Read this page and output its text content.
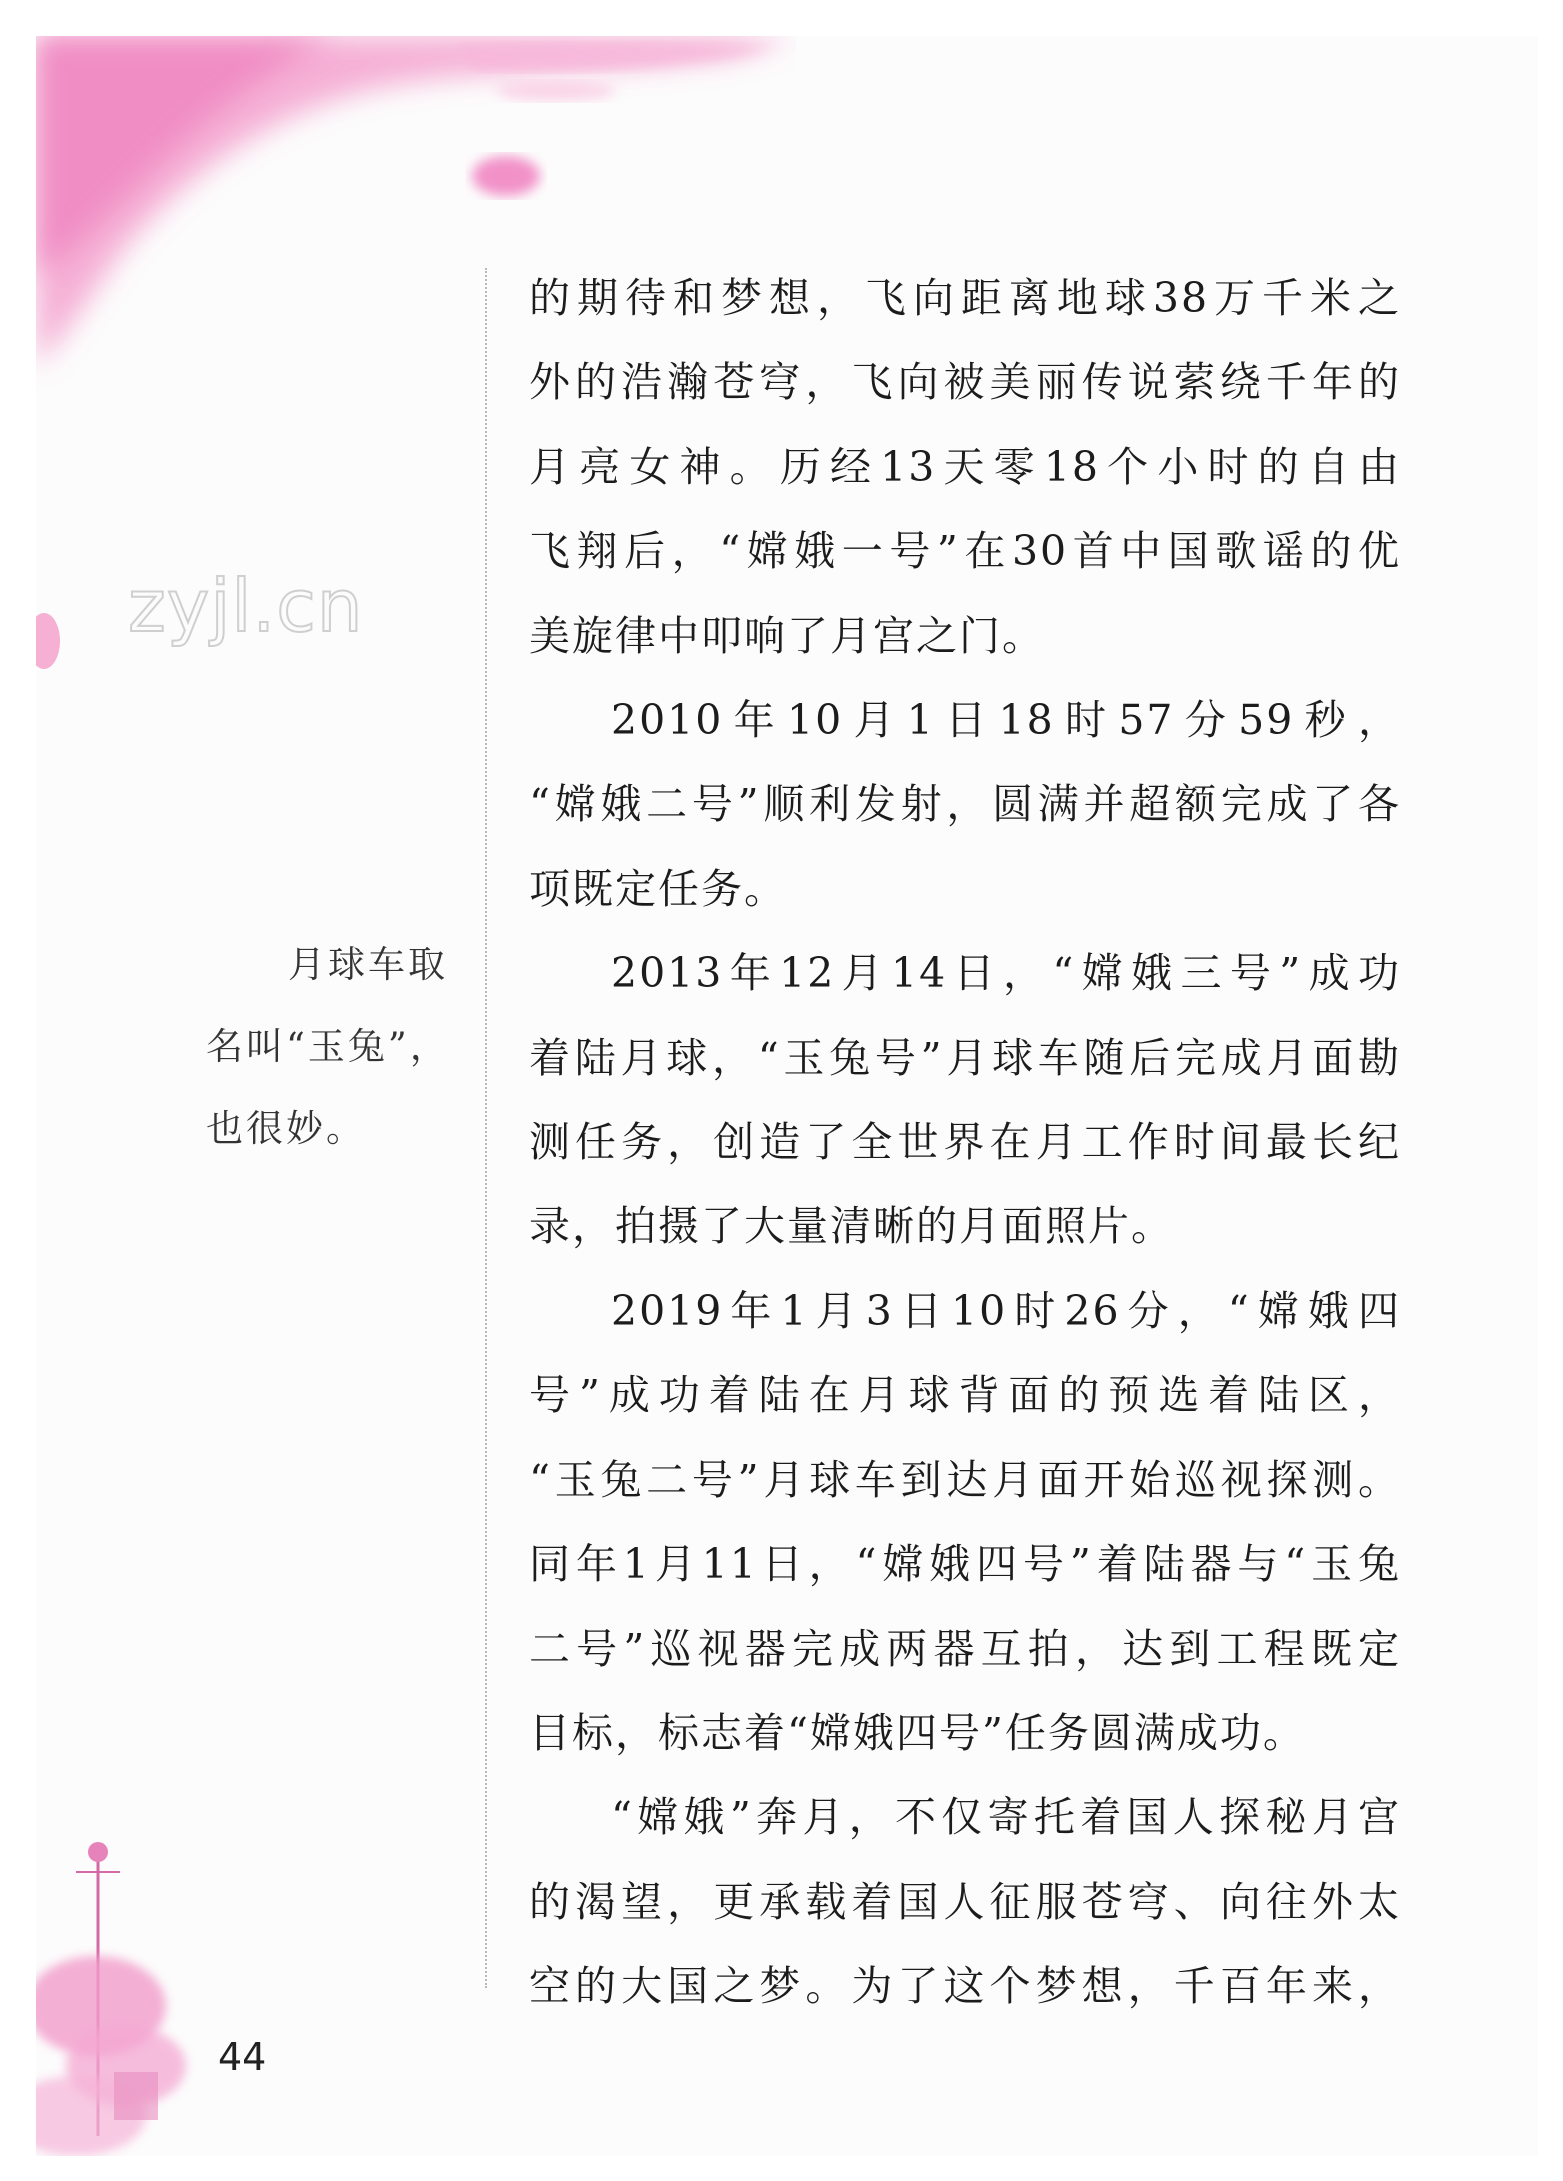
zyjl.cn
月球车取
名叫“玉兔”，
也很妙。
的期待和梦想，飞向距离地球38万千米之
外的浩瀚苍穹，飞向被美丽传说萦绕千年的
月亮女神。历经13天零18个小时的自由
飞翔后，“嫦娥一号”在30首中国歌谣的优
美旋律中叩响了月宫之门。
2010年10月1日18时57分59秒，
“嫦娥二号”顺利发射，圆满并超额完成了各
项既定任务。
2013年12月14日，“嫦娥三号”成功
着陆月球，“玉兔号”月球车随后完成月面勘
测任务，创造了全世界在月工作时间最长纪
录，拍摄了大量清晰的月面照片。
2019年1月3日10时26分，“嫦娥四
号”成功着陆在月球背面的预选着陆区，
“玉兔二号”月球车到达月面开始巡视探测。
同年1月11日，“嫦娥四号”着陆器与“玉兔
二号”巡视器完成两器互拍，达到工程既定
目标，标志着“嫦娥四号”任务圆满成功。
“嫦娥”奔月，不仅寄托着国人探秘月宫
的渴望，更承载着国人征服苍穹、向往外太
空的大国之梦。为了这个梦想，千百年来，
44
